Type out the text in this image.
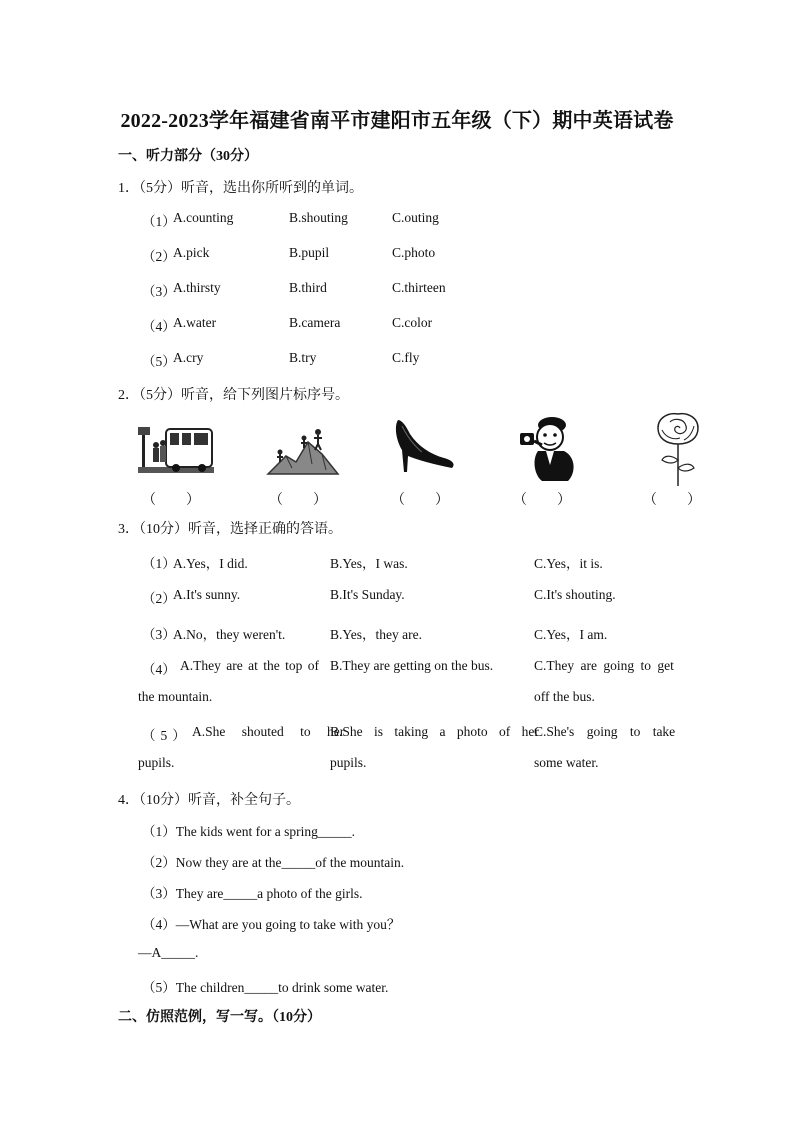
2022-2023学年福建省南平市建阳市五年级（下）期中英语试卷
一、听力部分（30分）
1．（5分）听音，选出你所听到的单词。
（1）
A.counting	B.shouting	C.outing
（2）
A.pick	B.pupil	C.photo
（3）
A.thirsty	B.third	C.thirteen
（4）
A.water	B.camera	C.color
（5）
A.cry	B.try	C.fly
2．（5分）听音，给下列图片标序号。
（ ）	（ ）	（ ）	（ ）	（ ）
3．（10分）听音，选择正确的答语。
（1）
A.Yes，I did.	B.Yes，I was.	C.Yes，it is.
（2）
A.It's sunny.	B.It's Sunday.	C.It's shouting.
（3）
A.No，they weren't.	B.Yes，they are.	C.Yes，I am.
（4） A.They are at the top of
the mountain.
B.They are getting on the bus.	C.They are going to get
off the bus.
（5） A.She shouted to her
pupils.
B.She is taking a photo of her
pupils.
C.She's going to take
some water.
4．（10分）听音，补全句子。
（1）The kids went for a spring_____.
（2）Now they are at the_____of the mountain.
（3）They are_____a photo of the girls.
（4）—What are you going to take with you？
—A_____.
（5）The children_____to drink some water.
二、仿照范例，写一写。（10分）
